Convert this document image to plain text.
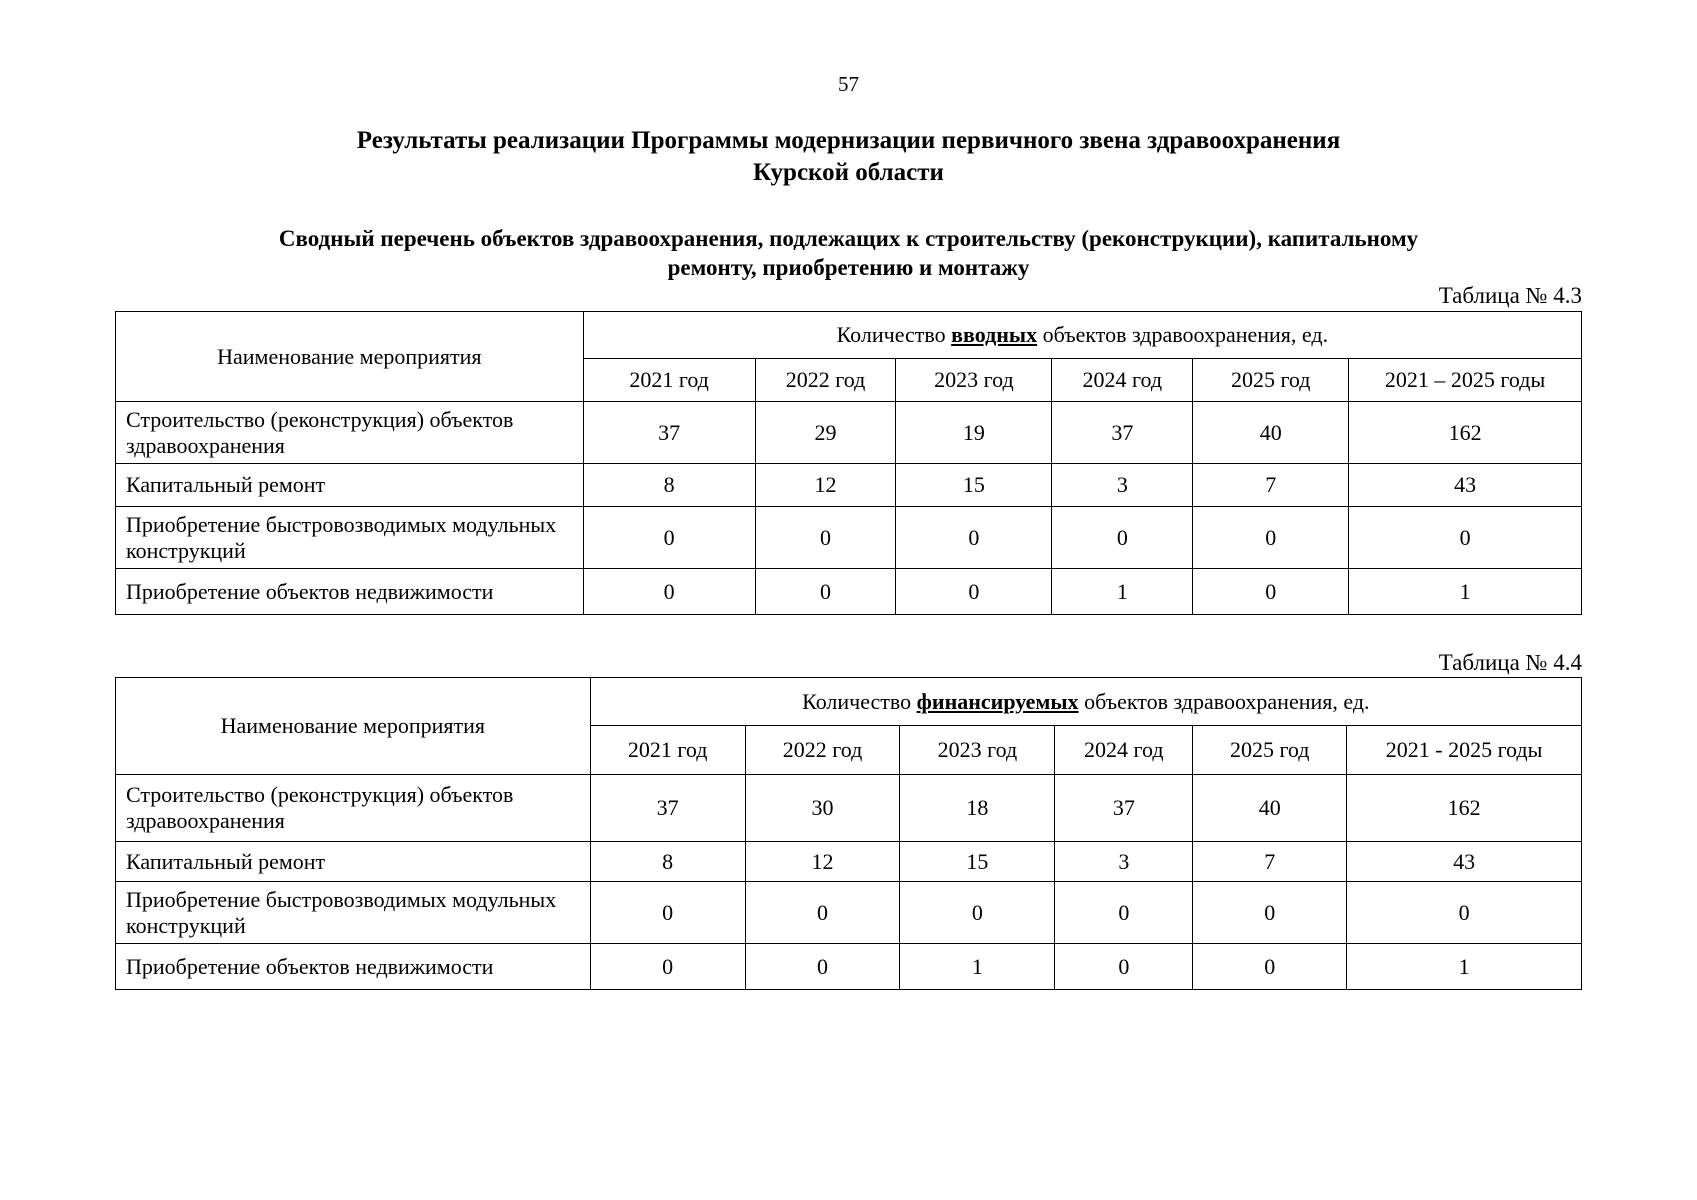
57
Результаты реализации Программы модернизации первичного звена здравоохранения
Курской области
Сводный перечень объектов здравоохранения, подлежащих к строительству (реконструкции), капитальному
ремонту, приобретению и монтажу
Таблица № 4.3
Наименование мероприятия	Количество вводных объектов здравоохранения, ед.					
	2021 год	2022 год	2023 год	2024 год	2025 год	2021 – 2025 годы
Строительство (реконструкция) объектов здравоохранения	37	29	19	37	40	162
Капитальный ремонт	8	12	15	3	7	43
Приобретение быстровозводимых модульных конструкций	0	0	0	0	0	0
Приобретение объектов недвижимости	0	0	0	1	0	1
Таблица № 4.4
Наименование мероприятия	Количество финансируемых объектов здравоохранения, ед.					
	2021 год	2022 год	2023 год	2024 год	2025 год	2021 - 2025 годы
Строительство (реконструкция) объектов здравоохранения	37	30	18	37	40	162
Капитальный ремонт	8	12	15	3	7	43
Приобретение быстровозводимых модульных конструкций	0	0	0	0	0	0
Приобретение объектов недвижимости	0	0	1	0	0	1
